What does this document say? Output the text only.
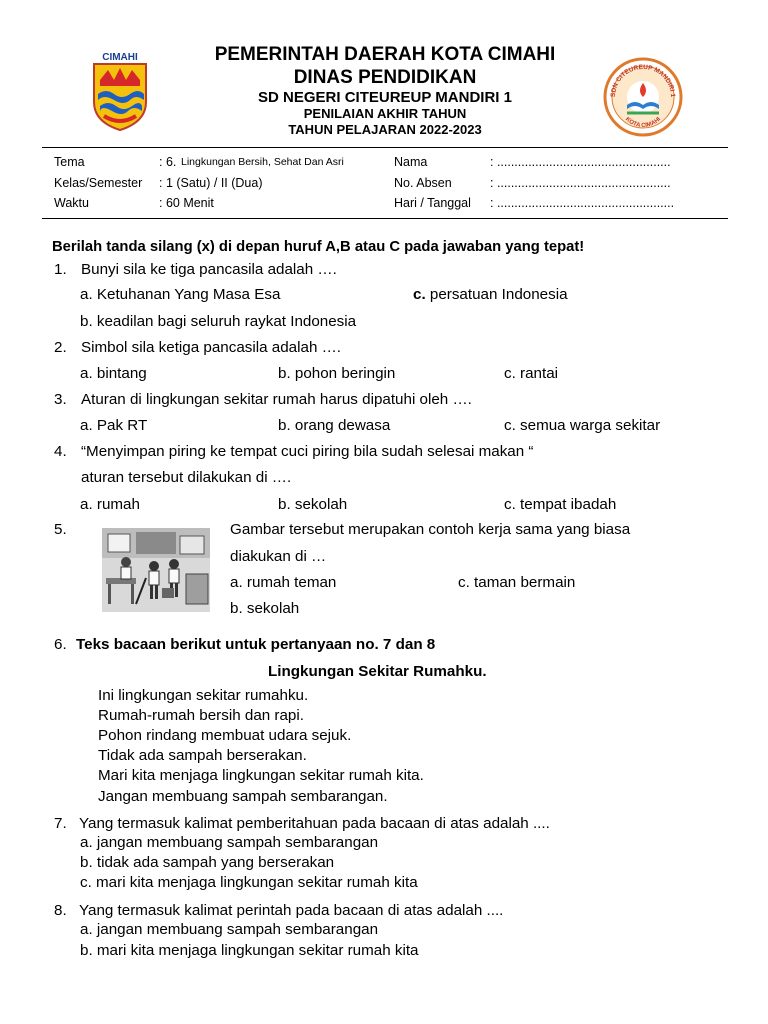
CIMAHI	PEMERINTAH DAERAH KOTA CIMAHI
DINAS PENDIDIKAN
SD NEGERI CITEUREUP MANDIRI 1
PENILAIAN AKHIR TAHUN
TAHUN PELAJARAN 2022-2023
SDN CITEUREUP MANDIRI 1
KOTA CIMAHI
Tema	: 6. Lingkungan Bersih, Sehat Dan Asri
Kelas/Semester : 1 (Satu) / II (Dua)
Waktu	: 60 Menit
Nama	: ..................................................
No. Absen	: ..................................................
Hari / Tanggal : ...................................................
Berilah tanda silang (x) di depan huruf A,B atau C pada jawaban yang tepat!
1. Bunyi sila ke tiga pancasila adalah ….
a. Ketuhanan Yang Masa Esa	c. persatuan Indonesia
b. keadilan bagi seluruh raykat Indonesia
2. Simbol sila ketiga pancasila adalah ….
a. bintang	b. pohon beringin	c. rantai
3. Aturan di lingkungan sekitar rumah harus dipatuhi oleh ….
a. Pak RT	b. orang dewasa	c. semua warga sekitar
4. “Menyimpan piring ke tempat cuci piring bila sudah selesai makan “
aturan tersebut dilakukan di ….
a. rumah	b. sekolah	c. tempat ibadah
5.	Gambar tersebut merupakan contoh kerja sama yang biasa
diakukan di …
a. rumah teman	c. taman bermain
b. sekolah
6. Teks bacaan berikut untuk pertanyaan no. 7 dan 8
Lingkungan Sekitar Rumahku.
Ini lingkungan sekitar rumahku.
Rumah-rumah bersih dan rapi.
Pohon rindang membuat udara sejuk.
Tidak ada sampah berserakan.
Mari kita menjaga lingkungan sekitar rumah kita.
Jangan membuang sampah sembarangan.
7. Yang termasuk kalimat pemberitahuan pada bacaan di atas adalah ....
a. jangan membuang sampah sembarangan
b. tidak ada sampah yang berserakan
c. mari kita menjaga lingkungan sekitar rumah kita
8. Yang termasuk kalimat perintah pada bacaan di atas adalah ....
a. jangan membuang sampah sembarangan
b. mari kita menjaga lingkungan sekitar rumah kita
